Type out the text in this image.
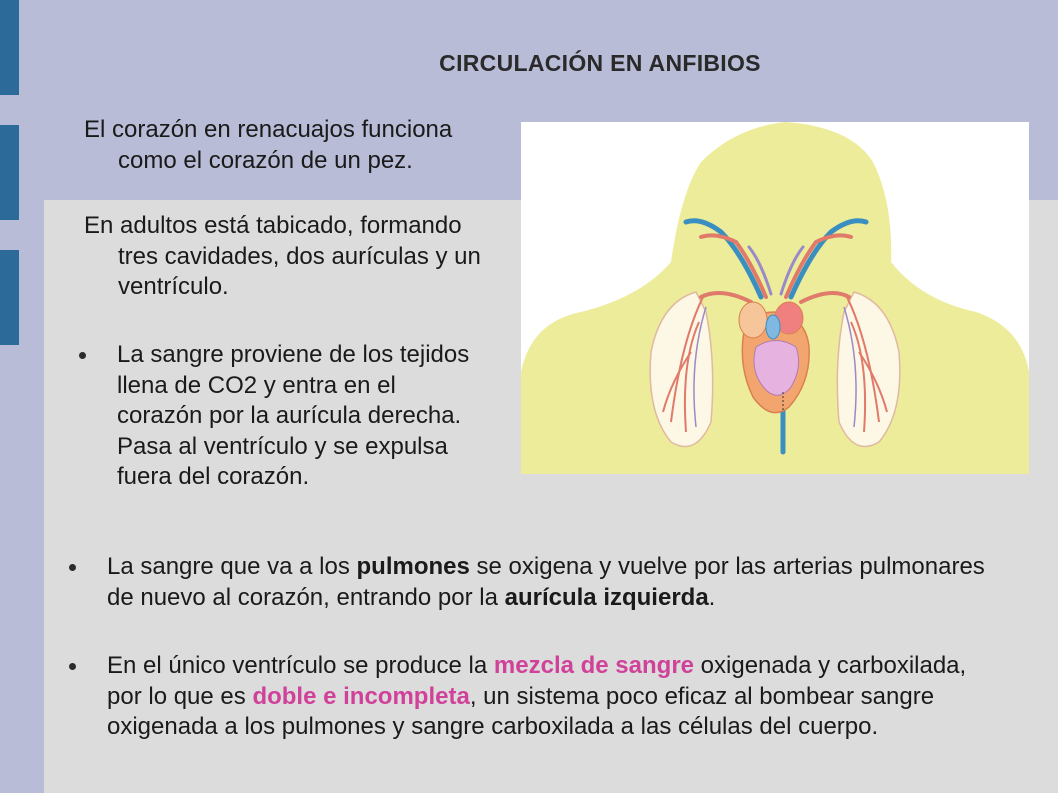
CIRCULACIÓN EN ANFIBIOS

El corazón en renacuajos funciona como el corazón de un pez.

En adultos está tabicado, formando tres cavidades, dos aurículas y un ventrículo.

La sangre proviene de los tejidos llena de CO2 y entra en el corazón por la aurícula derecha. Pasa al ventrículo y se expulsa fuera del corazón.
La sangre que va a los pulmones se oxigena y vuelve por las arterias pulmonares de nuevo al corazón, entrando por la aurícula izquierda.
En el único ventrículo se produce la mezcla de sangre oxigenada y carboxilada, por lo que es doble e incompleta, un sistema poco eficaz al bombear sangre oxigenada a los pulmones y sangre carboxilada a las células del cuerpo.
